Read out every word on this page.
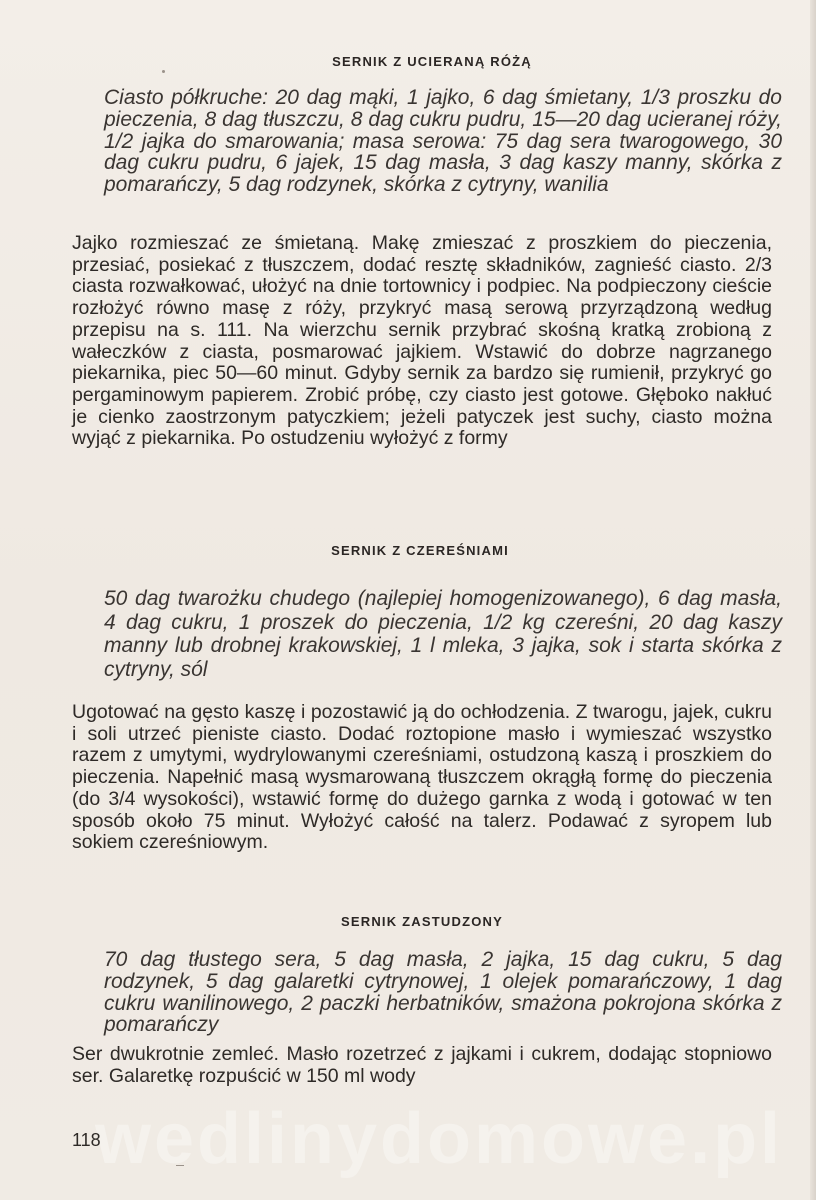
SERNIK Z UCIERANĄ RÓŻĄ
Ciasto półkruche: 20 dag mąki, 1 jajko, 6 dag śmietany, 1/3 proszku do pieczenia, 8 dag tłuszczu, 8 dag cukru pudru, 15—20 dag ucieranej róży, 1/2 jajka do smarowania; masa serowa: 75 dag sera twarogowego, 30 dag cukru pudru, 6 jajek, 15 dag masła, 3 dag kaszy manny, skórka z pomarańczy, 5 dag rodzynek, skórka z cytryny, wanilia
Jajko rozmieszać ze śmietaną. Makę zmieszać z proszkiem do pieczenia, przesiać, posiekać z tłuszczem, dodać resztę składników, zagnieść ciasto. 2/3 ciasta rozwałkować, ułożyć na dnie tortownicy i podpiec. Na podpieczony cieście rozłożyć równo masę z róży, przykryć masą serową przyrządzoną według przepisu na s. 111. Na wierzchu sernik przybrać skośną kratką zrobioną z wałeczków z ciasta, posmarować jajkiem. Wstawić do dobrze nagrzanego piekarnika, piec 50—60 minut. Gdyby sernik za bardzo się rumienił, przykryć go pergaminowym papierem. Zrobić próbę, czy ciasto jest gotowe. Głęboko nakłuć je cienko zaostrzonym patyczkiem; jeżeli patyczek jest suchy, ciasto można wyjąć z piekarnika. Po ostudzeniu wyłożyć z formy
SERNIK Z CZEREŚNIAMI
50 dag twarożku chudego (najlepiej homogenizowanego), 6 dag masła, 4 dag cukru, 1 proszek do pieczenia, 1/2 kg czereśni, 20 dag kaszy manny lub drobnej krakowskiej, 1 l mleka, 3 jajka, sok i starta skórka z cytryny, sól
Ugotować na gęsto kaszę i pozostawić ją do ochłodzenia. Z twarogu, jajek, cukru i soli utrzeć pieniste ciasto. Dodać roztopione masło i wymieszać wszystko razem z umytymi, wydrylowanymi czereśniami, ostudzoną kaszą i proszkiem do pieczenia. Napełnić masą wysmarowaną tłuszczem okrągłą formę do pieczenia (do 3/4 wysokości), wstawić formę do dużego garnka z wodą i gotować w ten sposób około 75 minut. Wyłożyć całość na talerz. Podawać z syropem lub sokiem czereśniowym.
SERNIK ZASTUDZONY
70 dag tłustego sera, 5 dag masła, 2 jajka, 15 dag cukru, 5 dag rodzynek, 5 dag galaretki cytrynowej, 1 olejek pomarańczowy, 1 dag cukru wanilinowego, 2 paczki herbatników, smażona pokrojona skórka z pomarańczy
Ser dwukrotnie zemleć. Masło rozetrzeć z jajkami i cukrem, dodając stopniowo ser. Galaretkę rozpuścić w 150 ml wody
wedlinydomowe.pl
118
